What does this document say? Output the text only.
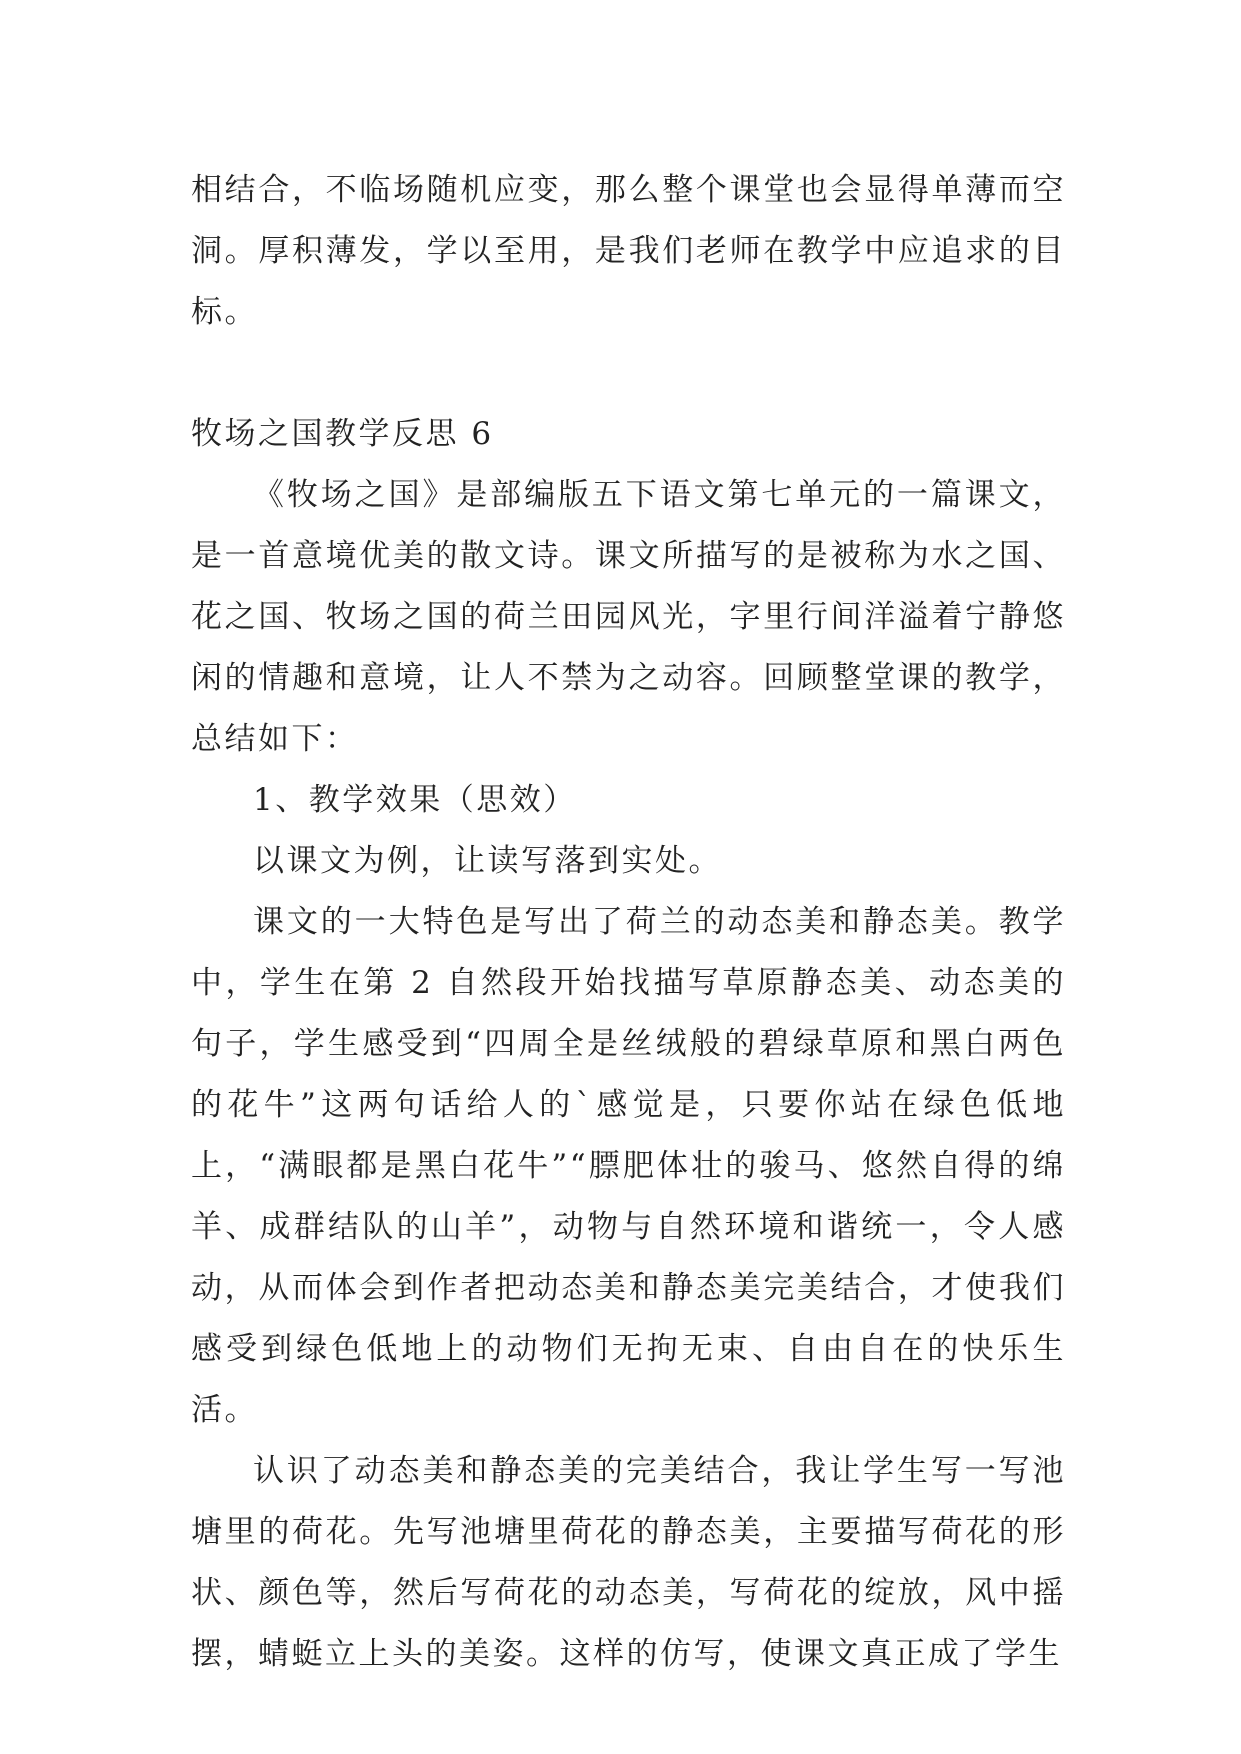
相结合，不临场随机应变，那么整个课堂也会显得单薄而空洞。厚积薄发，学以至用，是我们老师在教学中应追求的目标。

牧场之国教学反思 6

《牧场之国》是部编版五下语文第七单元的一篇课文，是一首意境优美的散文诗。课文所描写的是被称为水之国、花之国、牧场之国的荷兰田园风光，字里行间洋溢着宁静悠闲的情趣和意境，让人不禁为之动容。回顾整堂课的教学，总结如下：

1、教学效果（思效）

以课文为例，让读写落到实处。

课文的一大特色是写出了荷兰的动态美和静态美。教学中，学生在第 2 自然段开始找描写草原静态美、动态美的句子，学生感受到“四周全是丝绒般的碧绿草原和黑白两色的花牛”这两句话给人的`感觉是，只要你站在绿色低地上，“满眼都是黑白花牛”“膘肥体壮的骏马、悠然自得的绵羊、成群结队的山羊”，动物与自然环境和谐统一，令人感动，从而体会到作者把动态美和静态美完美结合，才使我们感受到绿色低地上的动物们无拘无束、自由自在的快乐生活。

认识了动态美和静态美的完美结合，我让学生写一写池塘里的荷花。先写池塘里荷花的静态美，主要描写荷花的形状、颜色等，然后写荷花的动态美，写荷花的绽放，风中摇摆，蜻蜓立上头的美姿。这样的仿写，使课文真正成了学生
